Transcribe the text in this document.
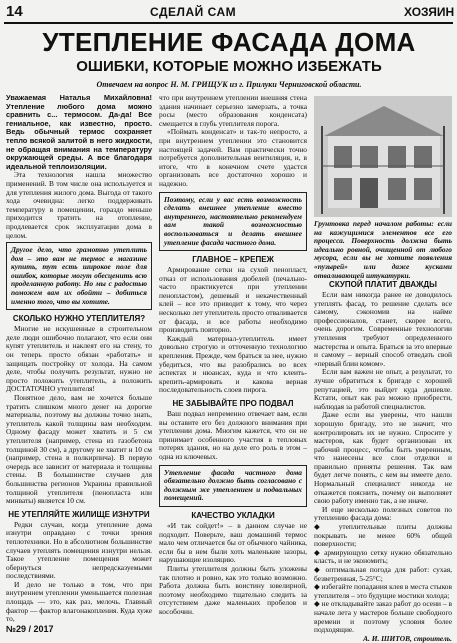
14	СДЕЛАЙ САМ	ХОЗЯИН
УТЕПЛЕНИЕ ФАСАДА ДОМА
ОШИБКИ, КОТОРЫЕ МОЖНО ИЗБЕЖАТЬ
Отвечаем на вопрос Н. М. ГРИЩУК из г. Прилуки Черниговской области.

Уважаемая Наталья Михайловна! Утепление любого дома можно сравнить с... термосом. Да-да! Все гениальное, как известно, просто. Ведь обычный термос сохраняет тепло всякой залитой в него жидкости, не обращая внимания на температуру окружающей среды. А все благодаря идеальной теплоизоляции.

Эта технология нашла множество применений. В том числе она используется и для утепления жилого дома. Выгода от такого хода очевидна: легко поддерживать температуру в помещении, гораздо меньше приходится тратить на отопление, продлевается срок эксплуатации дома в целом.

Другое дело, что грамотно утеплить дом – это вам не термос в магазине купить, тут есть широкое поле для ошибок, которые могут обесценить всю проделанную работу. Но мы с радостью поможем вам их обойти – добиться именно того, что вы хотите.
СКОЛЬКО НУЖНО УТЕПЛИТЕЛЯ?

Многие не искушенные в строительном деле люди ошибочно полагают, что если они купят утеплитель и наклеят его на стену, то он теперь просто обязан «работать» и защищать постройку от холода. На самом деле, чтобы получить результат, нужно не просто положить утеплитель, а положить ДОСТАТОЧНО утеплителя!

Понятное дело, вам не хочется больше тратить слишком много денег на дорогие материалы, поэтому вы должны точно знать, утеплитель какой толщины вам необходим. Одному фасаду может хватить и 5 см утеплителя (например, стена из газобетона толщиной 30 см), а другому не хватит и 10 см (например, стена в полкирпича). В первую очередь все зависит от материала и толщины стены. В большинстве случаев для большинства регионов Украины правильной толщиной утеплителя (пенопласта или минваты) является 10 см.

НЕ УТЕПЛЯЙТЕ ЖИЛИЩЕ ИЗНУТРИ

Редки случаи, когда утепление дома изнутри оправдано с точки зрения теплотехники. Но в абсолютном большинстве случаев утеплять помещения изнутри нельзя. Такое утепление помещения может обернуться непредсказуемыми последствиями.

И дело не только в том, что при внутреннем утеплении уменьшается полезная площадь — это, как раз, мелочь. Главный фактор — фактор влагонакопления. Куда хуже то,

что при внутреннем утеплении внешняя стена здания начинает серьезно замерзать, а точка росы (место образования конденсата) смещается в глубь утеплителя порога.

«Поймать конденсат» и так-то непросто, а при внутреннем утеплении это становится настоящей задачей. Вам практически точно потребуется дополнительная вентиляция, и, в итоге, что в конечном счете удастся организовать все достаточно хорошо и надежно.

Поэтому, если у вас есть возможность сделать внешнее утепление вместо внутреннего, настоятельно рекомендуем вам такой возможностью воспользоваться и делать внешнее утепление фасада частного дома.
ГЛАВНОЕ – КРЕПЕЖ

Армирование сетки на сухой пенопласт, отказ от использования дюбелей (печально-часто практикуется при утеплении пенопластом), дешевый и некачественный клей – все это приводит к тому, что через несколько лет утеплитель просто отваливается от фасада, и все работы необходимо производить повторно.

Каждый материал-утеплитель имеет довольно строгую и отточенную технологию крепления. Прежде, чем браться за нее, нужно убедиться, что вы разобрались во всех аспектах и нюансах, куда и что клеить-крепить-армировать и какова верная последовательность слоев пирога.

НЕ ЗАБЫВАЙТЕ ПРО ПОДВАЛ

Ваш подвал непременно отвечает вам, если вы оставите его без должного внимания при утеплении дома. Многим кажется, что он не принимает особенного участия в тепловых потерях здания, но на деле его роль в этом – одна из ключевых.

Утепление фасада частного дома обязательно должно быть согласовано с должным же утеплением и подвальных помещений.
КАЧЕСТВО УКЛАДКИ

«И так сойдет!» – в данном случае не подходит. Поверьте, ваш домашний термос мало чем отличается бы от обычного чайника, если бы в нем были хоть маленькие зазоры, нарушающие изоляцию.

Плиты утеплителя должны быть уложены так плотно и ровно, как это только возможно. Работа должна быть воистину ювелирной, поэтому необходимо тщательно следить за отсутствием даже маленьких пробелов и кособочин.

Грунтовка перед началом работы: если на кажущимися элементов все его процесса. Поверхность должна быть идеально ровной, очищенной от любого мусора, если вы не хотите появления «пузырей» или даже кусками отваливающей штукатурки.
СКУПОЙ ПЛАТИТ ДВАЖДЫ

Если вам никогда ранее не доводилось утеплять фасад, то решение сделать все самому, сэкономив на найме профессионалов, станет, скорее всего, очень дорогим. Современные технологии утепления требуют определенного мастерства и опыта. Браться за это впервые и самому – верный способ отведать свой «первый блин комом».

Если вам важен не опыт, а результат, то лучше обратиться к бригаде с хорошей репутацией, это выйдет куда дешевле. Кстати, опыт как раз можно приобрести, наблюдая за работой специалистов.

Даже если вы уверены, что нашли хорошую бригаду, это не значит, что контролировать их не нужно. Спросите у мастеров, как будет организован их рабочий процесс, чтобы быть уверенным, что нанесены все слои отделки и правильно приняты решения. Так вам будет легче понять, с кем вы имеете дело. Нормальный специалист никогда не откажется пояснить, почему он выполняет свою работу именно так, а не иначе.

И еще несколько полезных советов по утеплению фасада дома:

◆ утеплительные плиты должны покрывать не менее 60% общей поверхности;

◆ армирующую сетку нужно обязательно класть, и не экономить;

◆ оптимальная погода для работ: сухая, безветренная, 5-25°С;

◆ избегайте попадания клея в места стыков утеплителя – это будущие мостики холода;

◆ не откладывайте заказ работ до осени – в начале лета у мастеров больше свободного времени и поэтому условия более подходящие.

А. И. ШИТОВ, строитель.

№29 / 2017
